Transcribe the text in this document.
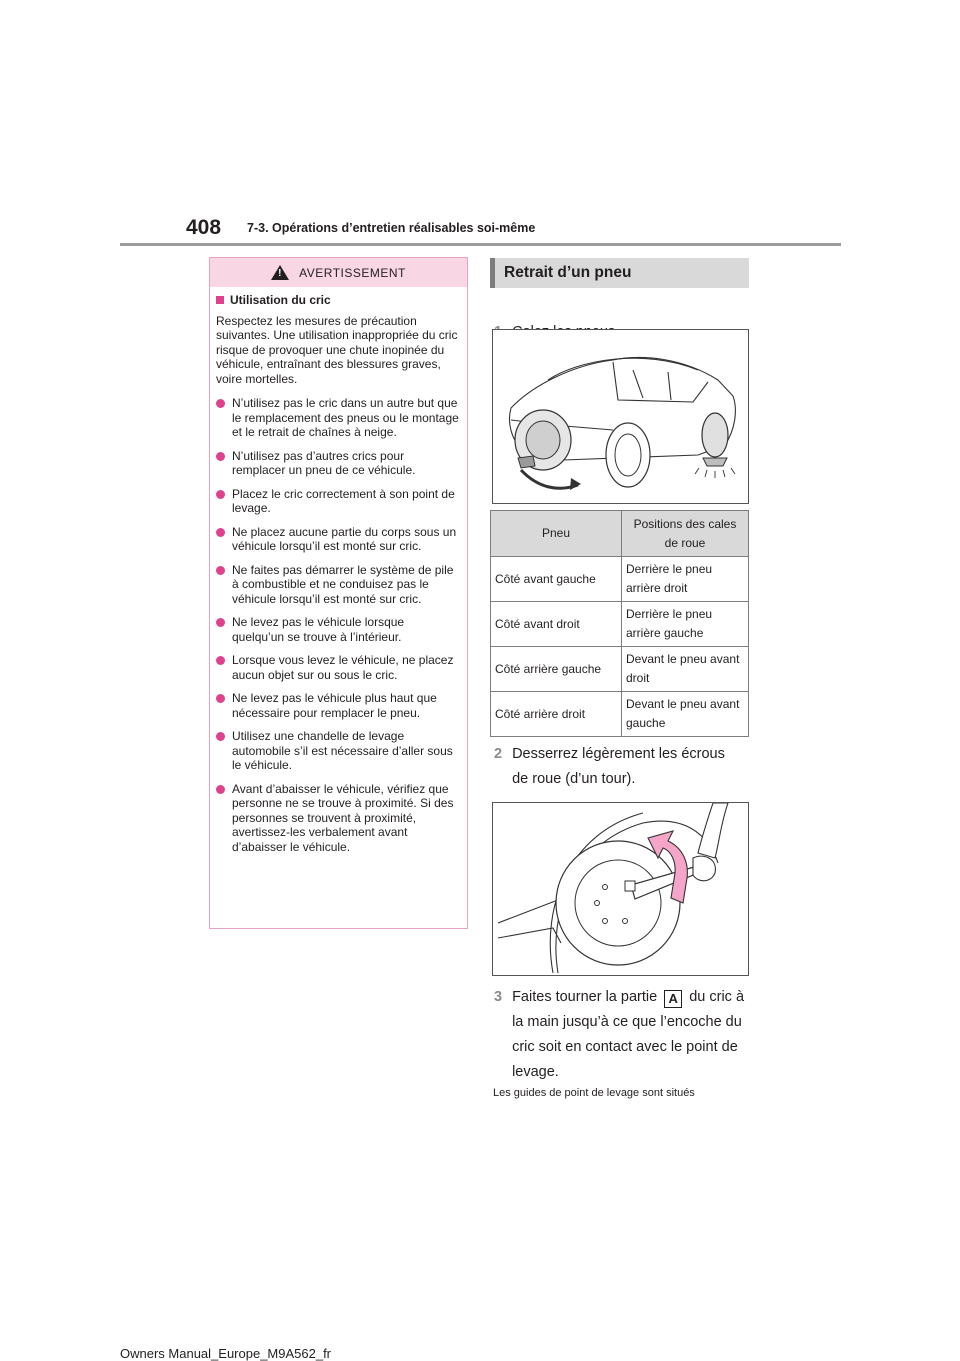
408 7-3. Opérations d’entretien réalisables soi-même
! AVERTISSEMENT
Utilisation du cric
Respectez les mesures de précaution suivantes. Une utilisation inappropriée du cric risque de provoquer une chute inopinée du véhicule, entraînant des blessures graves, voire mortelles.
N’utilisez pas le cric dans un autre but que le remplacement des pneus ou le montage et le retrait de chaînes à neige.
N’utilisez pas d’autres crics pour remplacer un pneu de ce véhicule.
Placez le cric correctement à son point de levage.
Ne placez aucune partie du corps sous un véhicule lorsqu’il est monté sur cric.
Ne faites pas démarrer le système de pile à combustible et ne conduisez pas le véhicule lorsqu’il est monté sur cric.
Ne levez pas le véhicule lorsque quelqu’un se trouve à l’intérieur.
Lorsque vous levez le véhicule, ne placez aucun objet sur ou sous le cric.
Ne levez pas le véhicule plus haut que nécessaire pour remplacer le pneu.
Utilisez une chandelle de levage automobile s’il est nécessaire d’aller sous le véhicule.
Avant d’abaisser le véhicule, vérifiez que personne ne se trouve à proximité. Si des personnes se trouvent à proximité, avertissez-les verbalement avant d’abaisser le véhicule.
Retrait d’un pneu
Pneu	Positions des cales de roue
Côté avant gauche	Derrière le pneu arrière droit
Côté avant droit	Derrière le pneu arrière gauche
Côté arrière gauche	Devant le pneu avant droit
Côté arrière droit	Devant le pneu avant gauche
2 Desserrez légèrement les écrous de roue (d’un tour).
3 Faites tourner la partie A du cric à la main jusqu’à ce que l’encoche du cric soit en contact avec le point de levage.
Les guides de point de levage sont situés
Owners Manual_Europe_M9A562_fr
